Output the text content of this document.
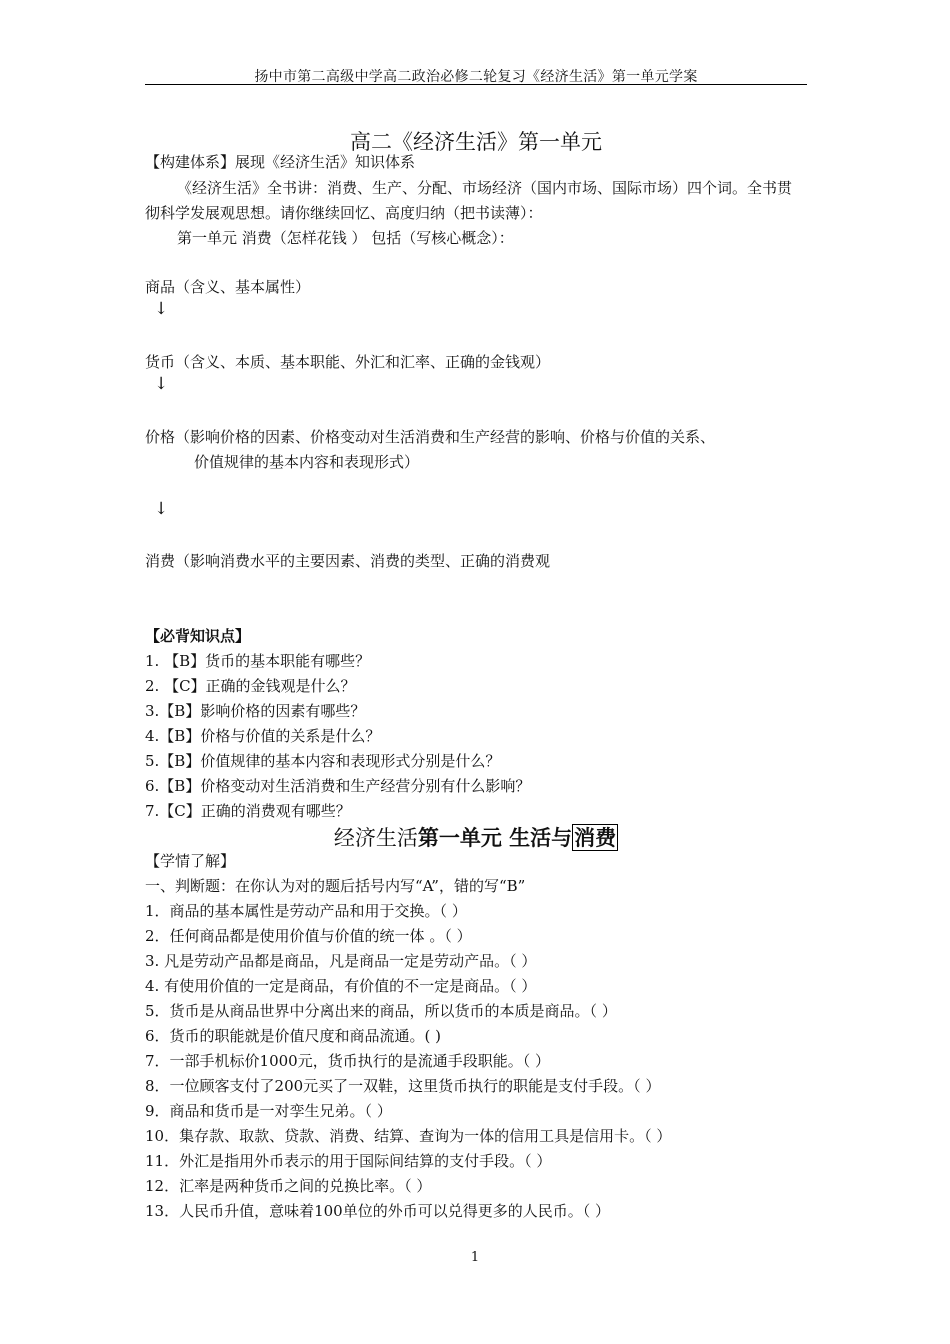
扬中市第二高级中学高二政治必修二轮复习《经济生活》第一单元学案
高二《经济生活》第一单元
【构建体系】展现《经济生活》知识体系
《经济生活》全书讲：消费、生产、分配、市场经济（国内市场、国际市场）四个词。全书贯
彻科学发展观思想。请你继续回忆、高度归纳（把书读薄）：
第一单元 消费（怎样花钱 ） 包括（写核心概念）：
商品（含义、基本属性）
↓
货币（含义、本质、基本职能、外汇和汇率、正确的金钱观）
↓
价格（影响价格的因素、价格变动对生活消费和生产经营的影响、价格与价值的关系、
价值规律的基本内容和表现形式）
↓
消费（影响消费水平的主要因素、消费的类型、正确的消费观
【必背知识点】
1. 【B】货币的基本职能有哪些？
2. 【C】正确的金钱观是什么？
3.【B】影响价格的因素有哪些？
4.【B】价格与价值的关系是什么？
5.【B】价值规律的基本内容和表现形式分别是什么？
6.【B】价格变动对生活消费和生产经营分别有什么影响？
7.【C】正确的消费观有哪些？
经济生活第一单元 生活与消费
【学情了解】
一、判断题：在你认为对的题后括号内写“A”，错的写“B”
1．商品的基本属性是劳动产品和用于交换。（ ）
2．任何商品都是使用价值与价值的统一体 。（ ）
3. 凡是劳动产品都是商品，凡是商品一定是劳动产品。（ ）
4. 有使用价值的一定是商品，有价值的不一定是商品。（ ）
5．货币是从商品世界中分离出来的商品，所以货币的本质是商品。（ ）
6．货币的职能就是价值尺度和商品流通。( )
7．一部手机标价1000元，货币执行的是流通手段职能。（ ）
8．一位顾客支付了200元买了一双鞋，这里货币执行的职能是支付手段。（ ）
9．商品和货币是一对孪生兄弟。（ ）
10．集存款、取款、贷款、消费、结算、查询为一体的信用工具是信用卡。（ ）
11．外汇是指用外币表示的用于国际间结算的支付手段。（ ）
12．汇率是两种货币之间的兑换比率。（ ）
13．人民币升值，意味着100单位的外币可以兑得更多的人民币。（ ）
1
